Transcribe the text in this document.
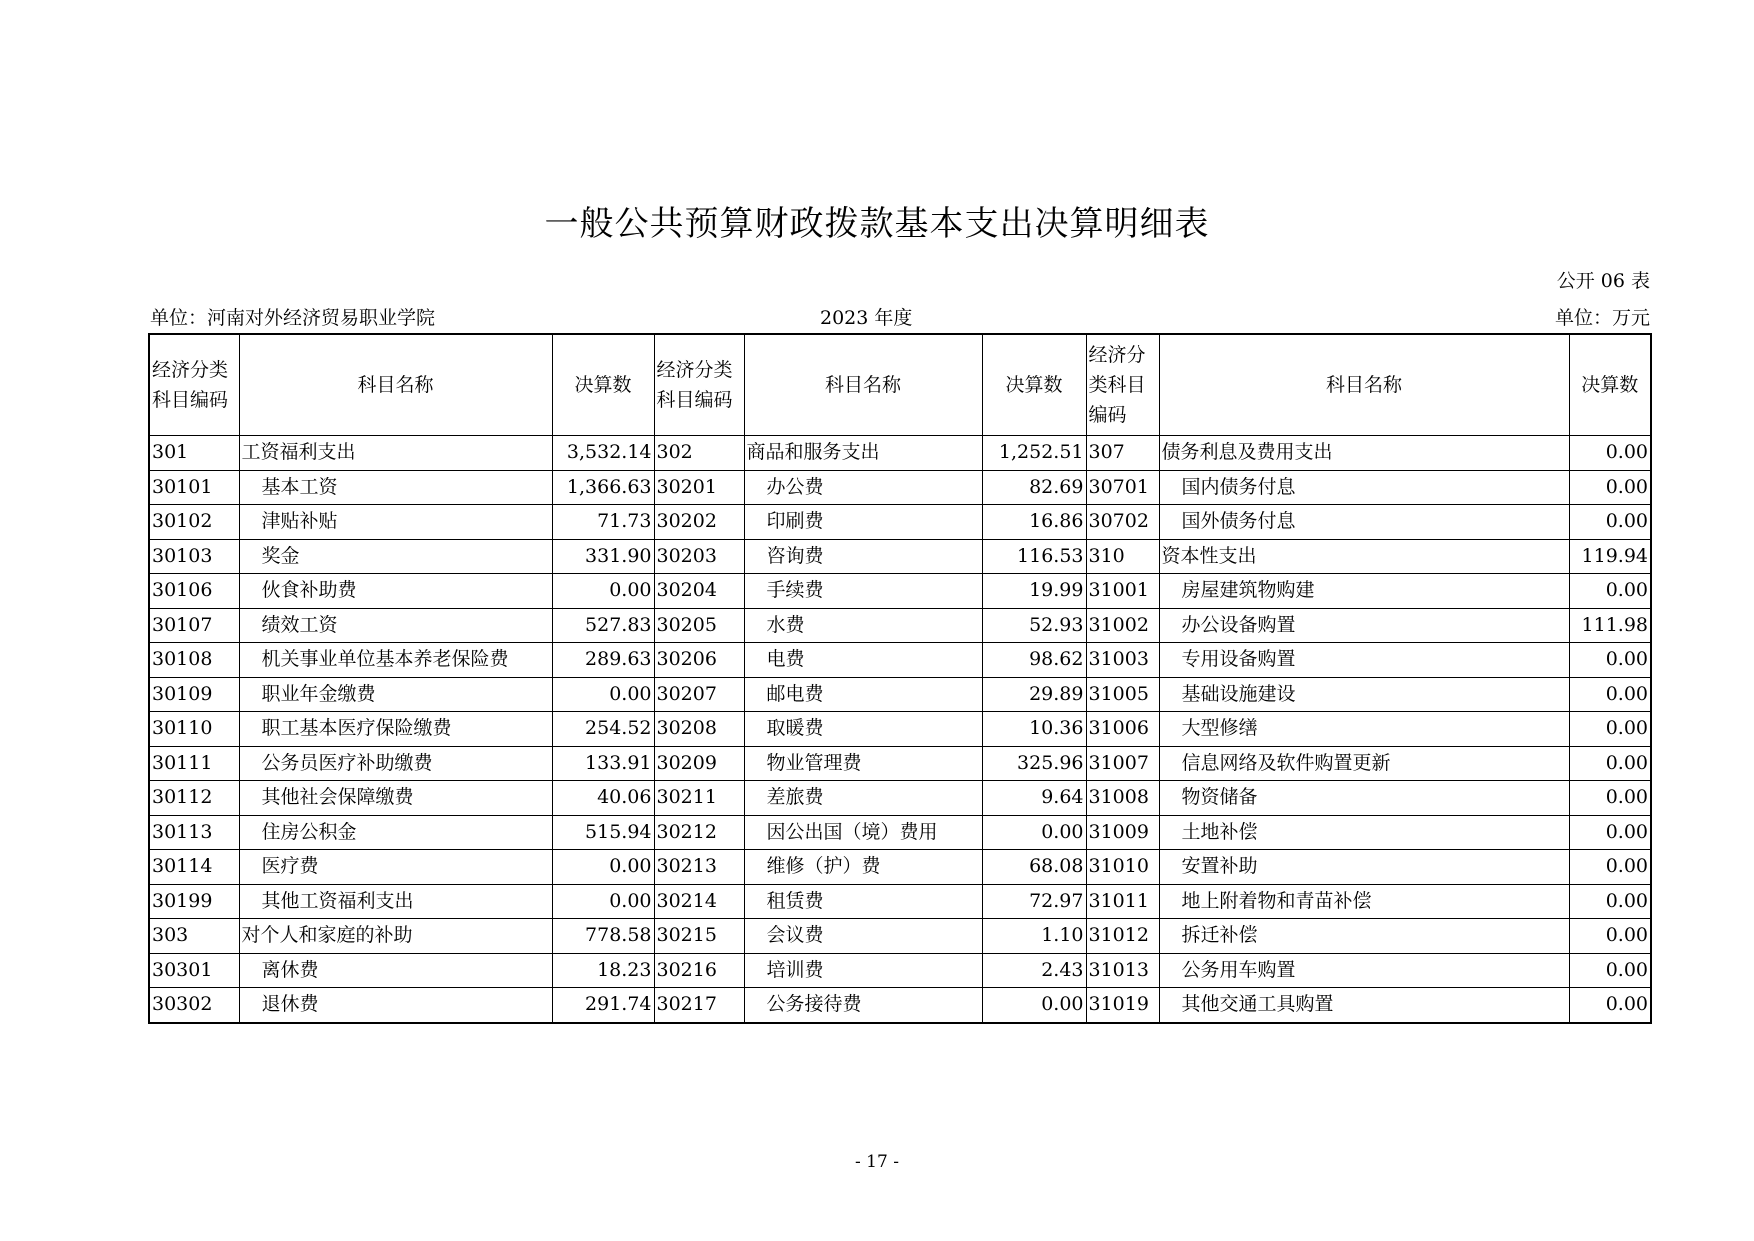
一般公共预算财政拨款基本支出决算明细表
公开 06 表
单位：河南对外经济贸易职业学院	2023 年度	单位：万元
经济分类科目编码	科目名称	决算数	经济分类科目编码	科目名称	决算数	经济分类科目编码	科目名称	决算数
301	工资福利支出	3,532.14	302	商品和服务支出	1,252.51	307	债务利息及费用支出	0.00
30101	基本工资	1,366.63	30201	办公费	82.69	30701	国内债务付息	0.00
30102	津贴补贴	71.73	30202	印刷费	16.86	30702	国外债务付息	0.00
30103	奖金	331.90	30203	咨询费	116.53	310	资本性支出	119.94
30106	伙食补助费	0.00	30204	手续费	19.99	31001	房屋建筑物购建	0.00
30107	绩效工资	527.83	30205	水费	52.93	31002	办公设备购置	111.98
30108	机关事业单位基本养老保险费	289.63	30206	电费	98.62	31003	专用设备购置	0.00
30109	职业年金缴费	0.00	30207	邮电费	29.89	31005	基础设施建设	0.00
30110	职工基本医疗保险缴费	254.52	30208	取暖费	10.36	31006	大型修缮	0.00
30111	公务员医疗补助缴费	133.91	30209	物业管理费	325.96	31007	信息网络及软件购置更新	0.00
30112	其他社会保障缴费	40.06	30211	差旅费	9.64	31008	物资储备	0.00
30113	住房公积金	515.94	30212	因公出国（境）费用	0.00	31009	土地补偿	0.00
30114	医疗费	0.00	30213	维修（护）费	68.08	31010	安置补助	0.00
30199	其他工资福利支出	0.00	30214	租赁费	72.97	31011	地上附着物和青苗补偿	0.00
303	对个人和家庭的补助	778.58	30215	会议费	1.10	31012	拆迁补偿	0.00
30301	离休费	18.23	30216	培训费	2.43	31013	公务用车购置	0.00
30302	退休费	291.74	30217	公务接待费	0.00	31019	其他交通工具购置	0.00
- 17 -
